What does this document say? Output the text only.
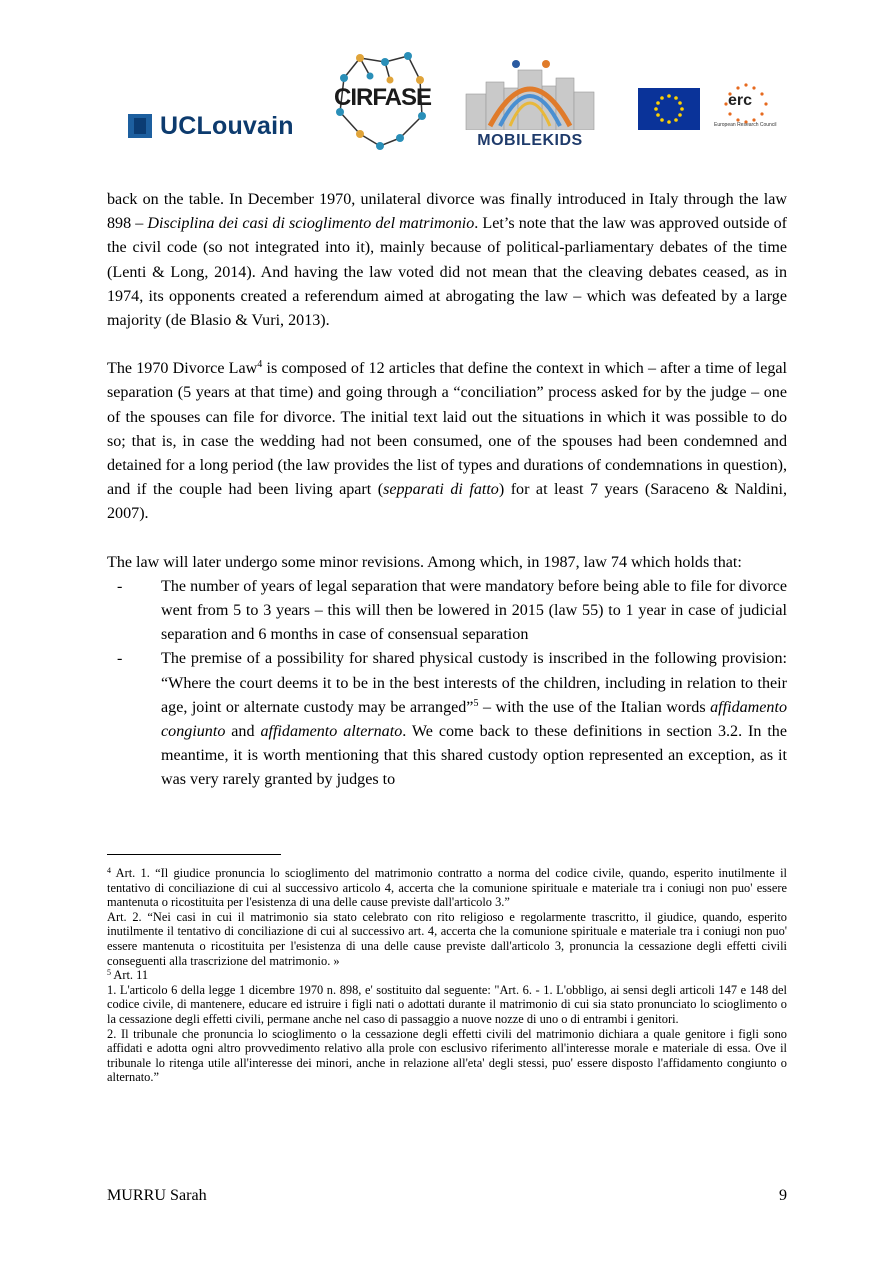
UCLouvain
CIRFASE
MOBILEKIDS
erc
European Research Council

back on the table. In December 1970, unilateral divorce was finally introduced in Italy through the law 898 – Disciplina dei casi di scioglimento del matrimonio. Let’s note that the law was approved outside of the civil code (so not integrated into it), mainly because of political-parliamentary debates of the time (Lenti & Long, 2014). And having the law voted did not mean that the cleaving debates ceased, as in 1974, its opponents created a referendum aimed at abrogating the law – which was defeated by a large majority (de Blasio & Vuri, 2013).

The 1970 Divorce Law$^4$ is composed of 12 articles that define the context in which – after a time of legal separation (5 years at that time) and going through a “conciliation” process asked for by the judge – one of the spouses can file for divorce. The initial text laid out the situations in which it was possible to do so; that is, in case the wedding had not been consumed, one of the spouses had been condemned and detained for a long period (the law provides the list of types and durations of condemnations in question), and if the couple had been living apart (sepparati di fatto) for at least 7 years (Saraceno & Naldini, 2007).

The law will later undergo some minor revisions. Among which, in 1987, law 74 which holds that:

- The number of years of legal separation that were mandatory before being able to file for divorce went from 5 to 3 years – this will then be lowered in 2015 (law 55) to 1 year in case of judicial separation and 6 months in case of consensual separation
- The premise of a possibility for shared physical custody is inscribed in the following provision: “Where the court deems it to be in the best interests of the children, including in relation to their age, joint or alternate custody may be arranged”$^5$ – with the use of the Italian words affidamento congiunto and affidamento alternato. We come back to these definitions in section 3.2. In the meantime, it is worth mentioning that this shared custody option represented an exception, as it was very rarely granted by judges to

$^4$ Art. 1. “Il giudice pronuncia lo scioglimento del matrimonio contratto a norma del codice civile, quando, esperito inutilmente il tentativo di conciliazione di cui al successivo articolo 4, accerta che la comunione spirituale e materiale tra i coniugi non puo' essere mantenuta o ricostituita per l'esistenza di una delle cause previste dall'articolo 3.”

Art. 2. “Nei casi in cui il matrimonio sia stato celebrato con rito religioso e regolarmente trascritto, il giudice, quando, esperito inutilmente il tentativo di conciliazione di cui al successivo art. 4, accerta che la comunione spirituale e materiale tra i coniugi non puo' essere mantenuta o ricostituita per l'esistenza di una delle cause previste dall'articolo 3, pronuncia la cessazione degli effetti civili conseguenti alla trascrizione del matrimonio. »

$^5$ Art. 11

1. L'articolo 6 della legge 1 dicembre 1970 n. 898, e' sostituito dal seguente: "Art. 6. - 1. L'obbligo, ai sensi degli articoli 147 e 148 del codice civile, di mantenere, educare ed istruire i figli nati o adottati durante il matrimonio di cui sia stato pronunciato lo scioglimento o la cessazione degli effetti civili, permane anche nel caso di passaggio a nuove nozze di uno o di entrambi i genitori.

2. Il tribunale che pronuncia lo scioglimento o la cessazione degli effetti civili del matrimonio dichiara a quale genitore i figli sono affidati e adotta ogni altro provvedimento relativo alla prole con esclusivo riferimento all'interesse morale e materiale di essa. Ove il tribunale lo ritenga utile all'interesse dei minori, anche in relazione all'eta' degli stessi, puo' essere disposto l'affidamento congiunto o alternato.”

MURRU Sarah	9
